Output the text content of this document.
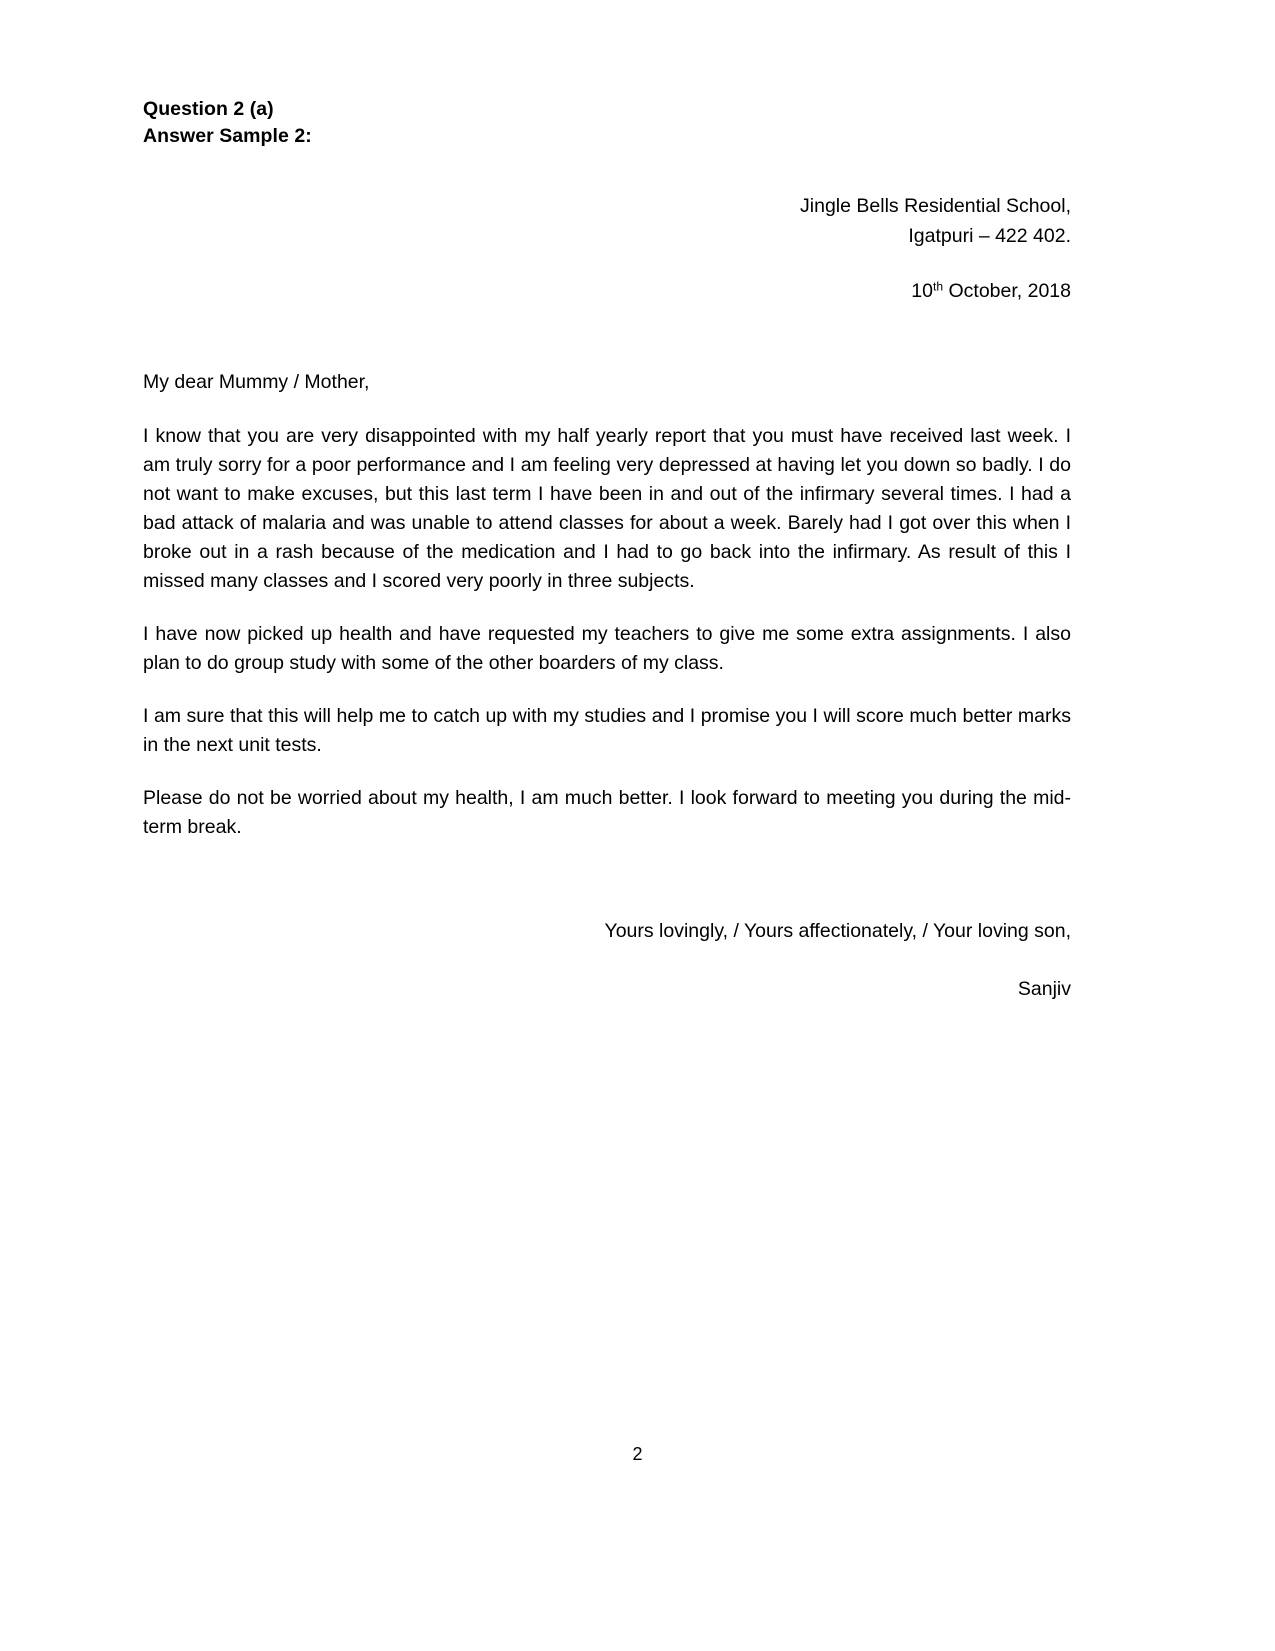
Question 2 (a)
Answer Sample 2:
Jingle Bells Residential School,
Igatpuri – 422 402.
10th October, 2018
My dear Mummy / Mother,
I know that you are very disappointed with my half yearly report that you must have received last week. I am truly sorry for a poor performance and I am feeling very depressed at having let you down so badly. I do not want to make excuses, but this last term I have been in and out of the infirmary several times. I had a bad attack of malaria and was unable to attend classes for about a week. Barely had I got over this when I broke out in a rash because of the medication and I had to go back into the infirmary. As result of this I missed many classes and I scored very poorly in three subjects.
I have now picked up health and have requested my teachers to give me some extra assignments. I also plan to do group study with some of the other boarders of my class.
I am sure that this will help me to catch up with my studies and I promise you I will score much better marks in the next unit tests.
Please do not be worried about my health, I am much better. I look forward to meeting you during the mid-term break.
Yours lovingly, / Yours affectionately, / Your loving son,
Sanjiv
2
